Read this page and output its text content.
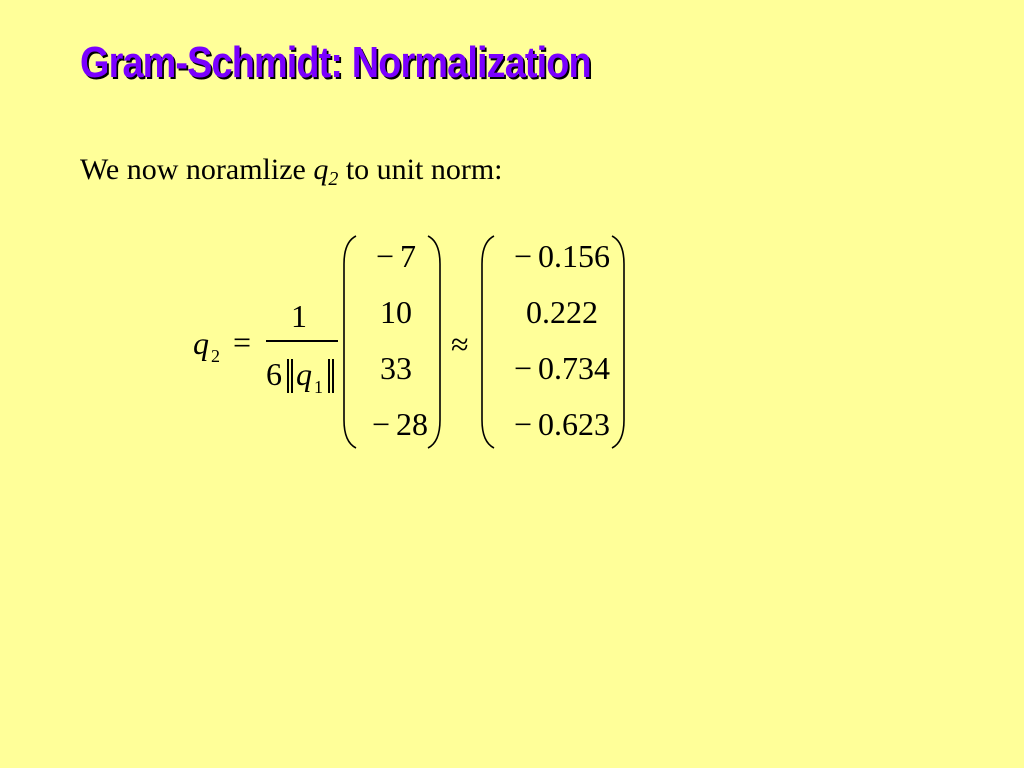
Gram-Schmidt: Normalization
We now noramlize $q_2$ to unit norm:
q 2 =
1
6 q 1
− 7
10
33
− 28
≈
− 0.156
0.222
− 0.734
− 0.623
